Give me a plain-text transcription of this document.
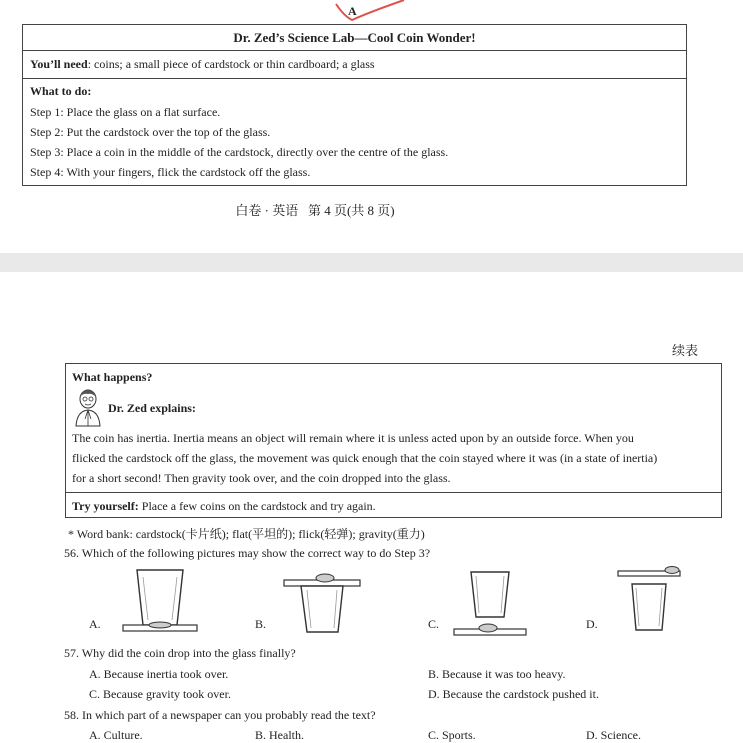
A
Dr. Zed’s Science Lab—Cool Coin Wonder!
You’ll need: coins; a small piece of cardstock or thin cardboard; a glass
What to do:
Step 1: Place the glass on a flat surface.
Step 2: Put the cardstock over the top of the glass.
Step 3: Place a coin in the middle of the cardstock, directly over the centre of the glass.
Step 4: With your fingers, flick the cardstock off the glass.
白卷 · 英语   第 4 页(共 8 页)
续表
What happens?
Dr. Zed explains:
The coin has inertia. Inertia means an object will remain where it is unless acted upon by an outside force. When you
flicked the cardstock off the glass, the movement was quick enough that the coin stayed where it was (in a state of inertia)
for a short second! Then gravity took over, and the coin dropped into the glass.
Try yourself: Place a few coins on the cardstock and try again.
* Word bank: cardstock(卡片纸); flat(平坦的); flick(轻弹); gravity(重力)
56. Which of the following pictures may show the correct way to do Step 3?
A.	B.	C.	D.
57. Why did the coin drop into the glass finally?
A. Because inertia took over.	B. Because it was too heavy.
C. Because gravity took over.	D. Because the cardstock pushed it.
58. In which part of a newspaper can you probably read the text?
A. Culture.	B. Health.	C. Sports.	D. Science.
